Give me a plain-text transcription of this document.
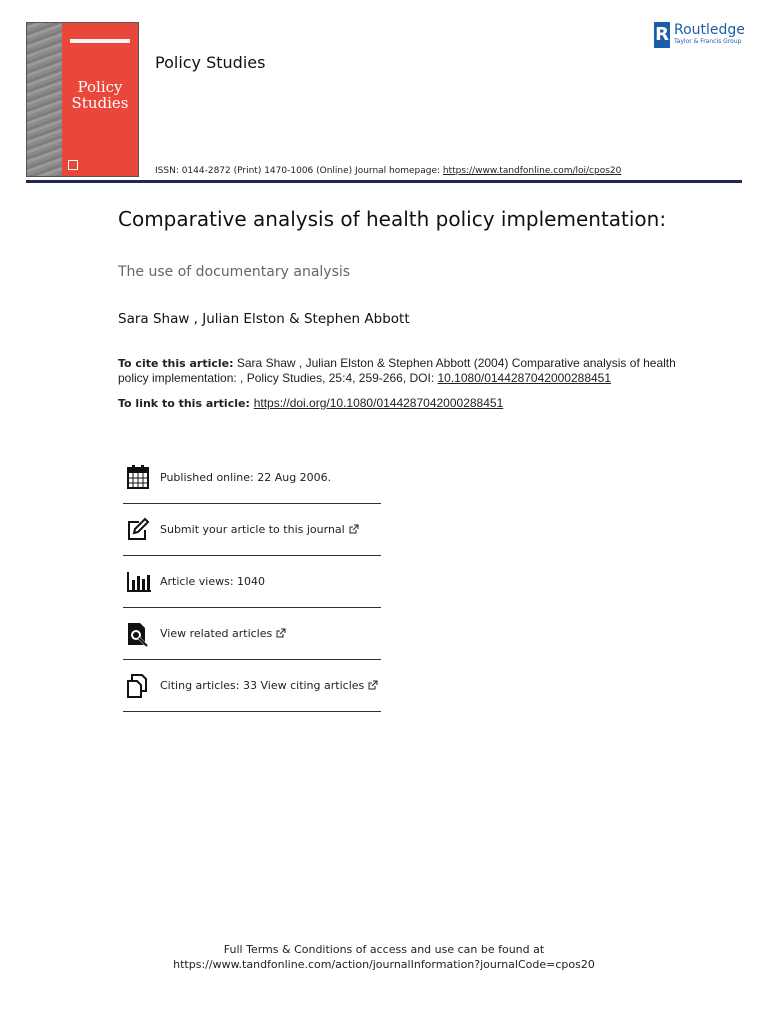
Policy
Studies
Policy Studies
R Routledge
Taylor & Francis Group
ISSN: 0144-2872 (Print) 1470-1006 (Online) Journal homepage: https://www.tandfonline.com/loi/cpos20
Comparative analysis of health policy implementation:
The use of documentary analysis
Sara Shaw , Julian Elston & Stephen Abbott
To cite this article: Sara Shaw , Julian Elston & Stephen Abbott (2004) Comparative analysis of health policy implementation: , Policy Studies, 25:4, 259-266, DOI: 10.1080/0144287042000288451
To link to this article: https://doi.org/10.1080/0144287042000288451
Published online: 22 Aug 2006.
Submit your article to this journal
Article views: 1040
View related articles
Citing articles: 33 View citing articles
Full Terms & Conditions of access and use can be found at
https://www.tandfonline.com/action/journalInformation?journalCode=cpos20
